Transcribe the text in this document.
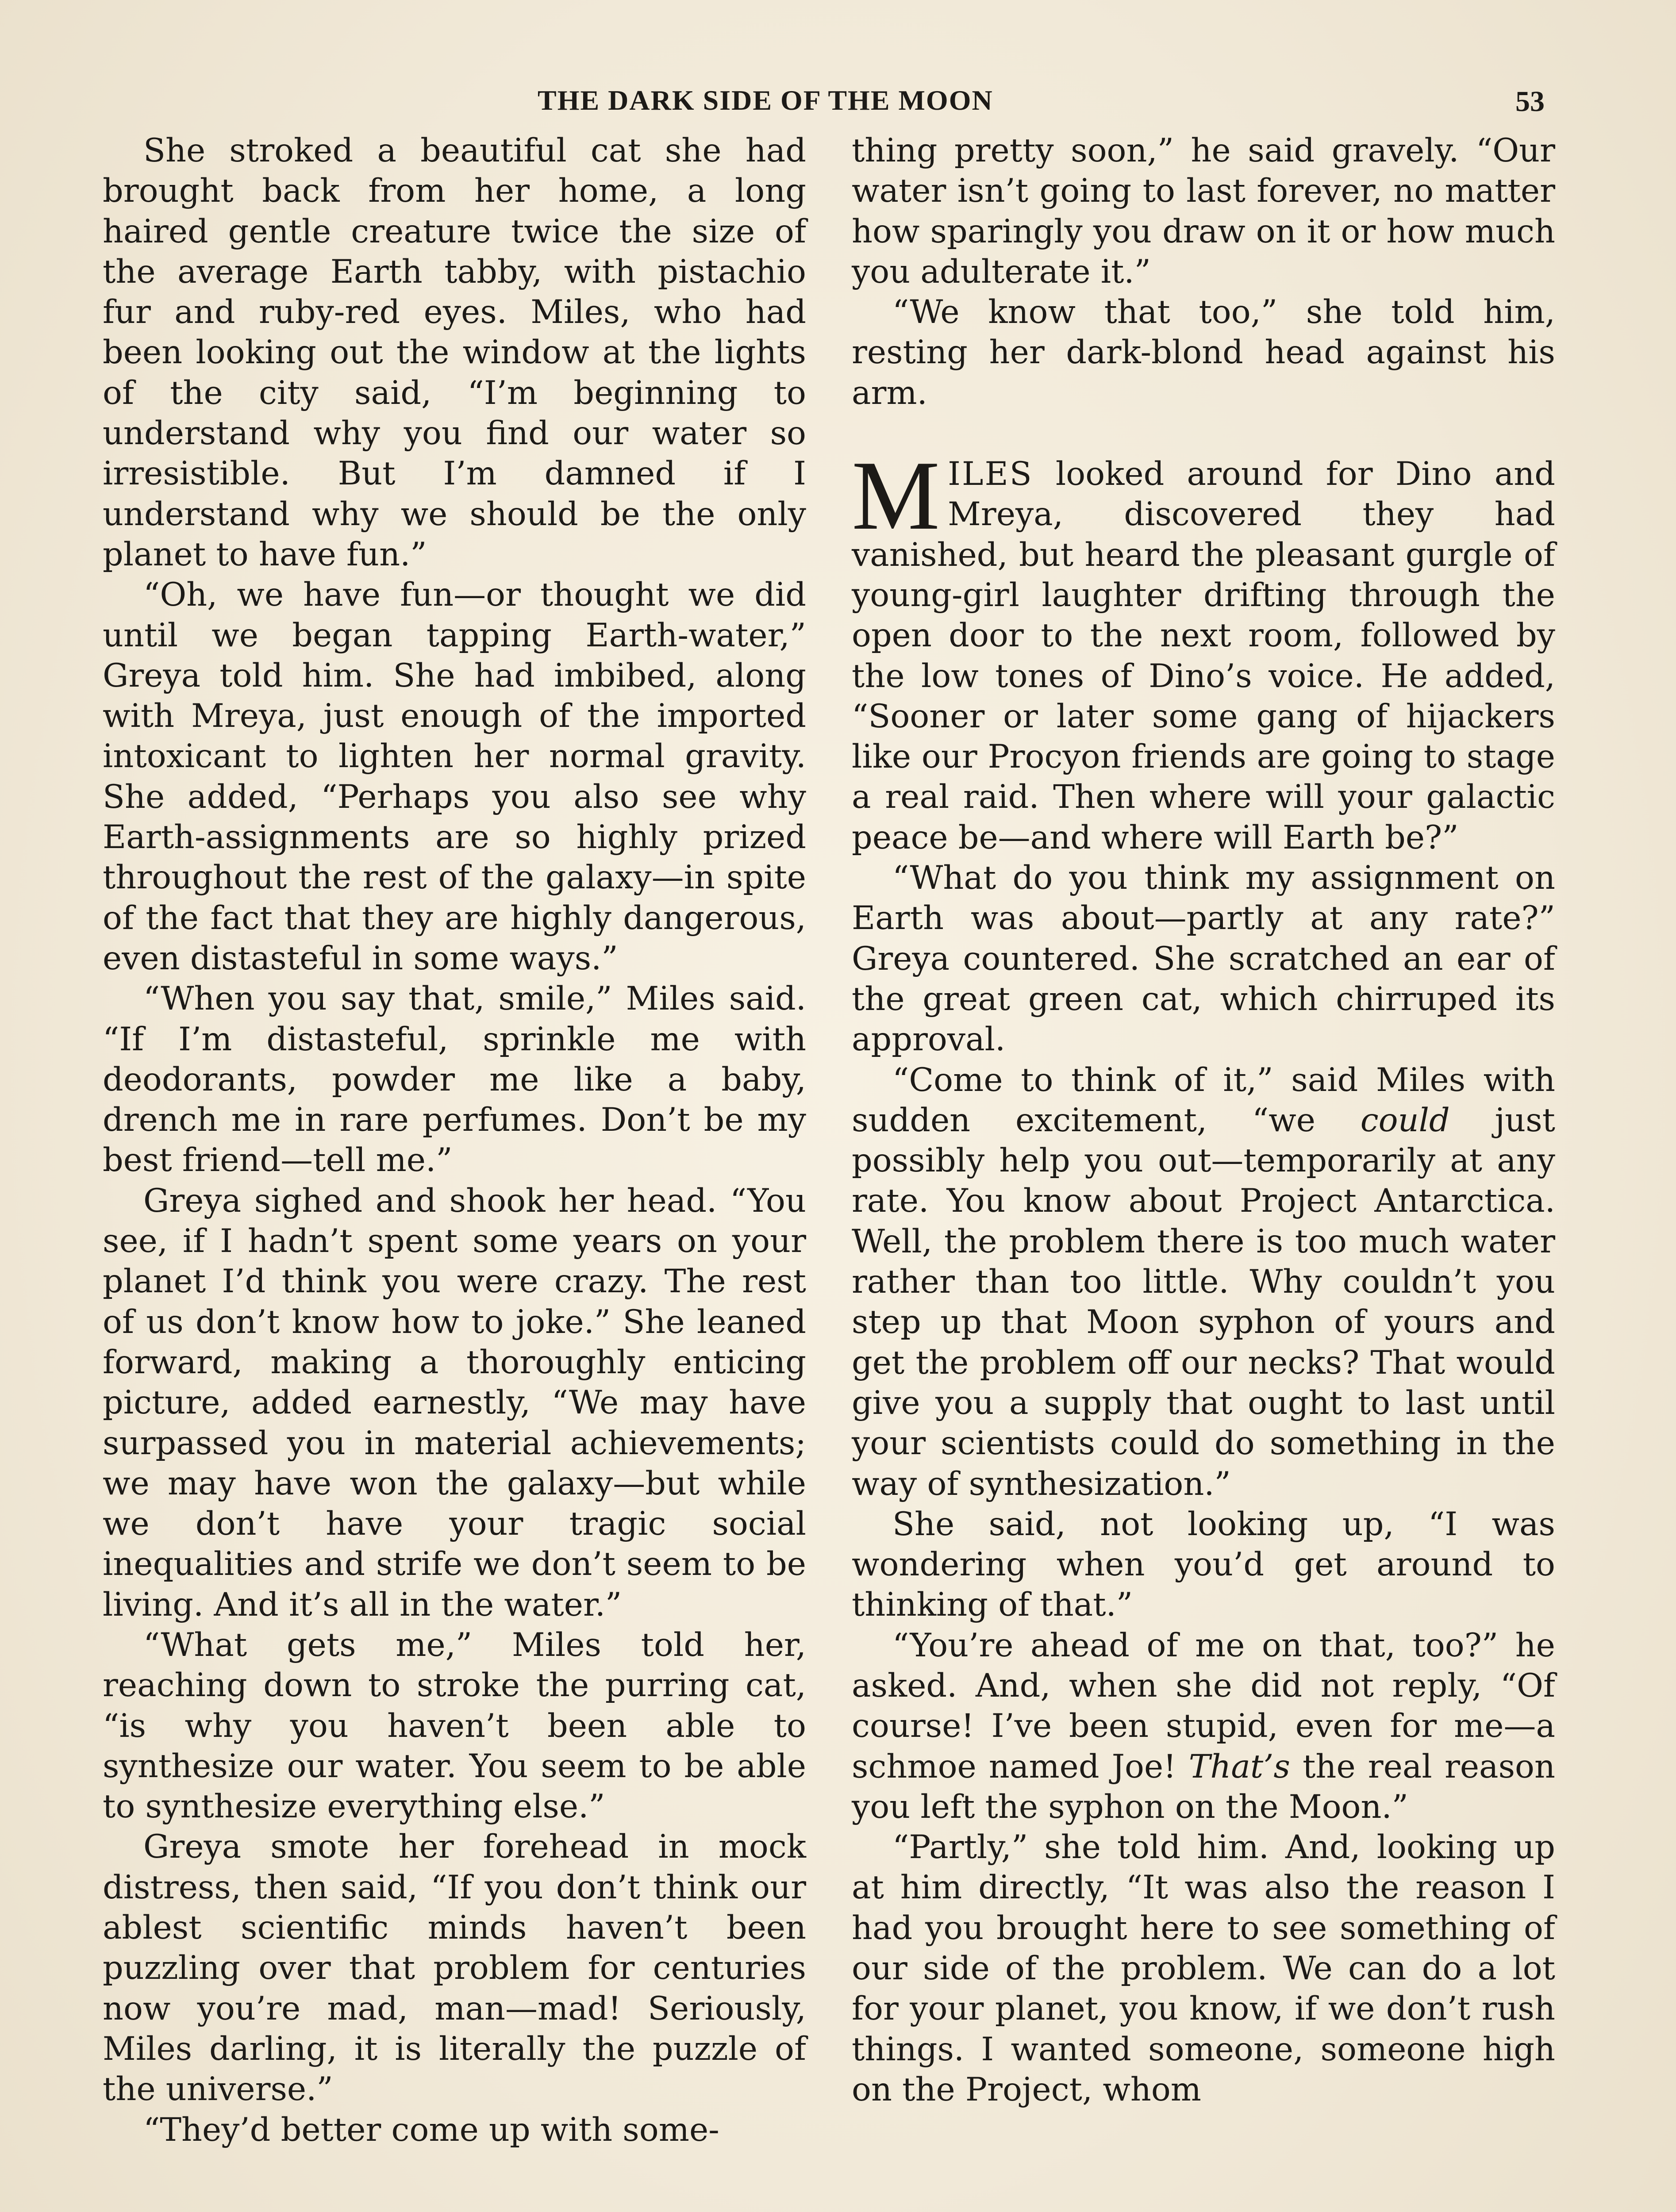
THE DARK SIDE OF THE MOON	53

She stroked a beautiful cat she had brought back from her home, a long haired gentle creature twice the size of the average Earth tabby, with pistachio fur and ruby-red eyes. Miles, who had been looking out the window at the lights of the city said, “I’m beginning to understand why you find our water so irresistible. But I’m damned if I understand why we should be the only planet to have fun.”

“Oh, we have fun—or thought we did until we began tapping Earth-water,” Greya told him. She had imbibed, along with Mreya, just enough of the imported intoxicant to lighten her normal gravity. She added, “Perhaps you also see why Earth-assignments are so highly prized throughout the rest of the galaxy—in spite of the fact that they are highly dangerous, even distasteful in some ways.”

“When you say that, smile,” Miles said. “If I’m distasteful, sprinkle me with deodorants, powder me like a baby, drench me in rare perfumes. Don’t be my best friend—tell me.”

Greya sighed and shook her head. “You see, if I hadn’t spent some years on your planet I’d think you were crazy. The rest of us don’t know how to joke.” She leaned forward, making a thoroughly enticing picture, added earnestly, “We may have surpassed you in material achievements; we may have won the galaxy—but while we don’t have your tragic social inequalities and strife we don’t seem to be living. And it’s all in the water.”

“What gets me,” Miles told her, reaching down to stroke the purring cat, “is why you haven’t been able to synthesize our water. You seem to be able to synthesize everything else.”

Greya smote her forehead in mock distress, then said, “If you don’t think our ablest scientific minds haven’t been puzzling over that problem for centuries now you’re mad, man—mad! Seriously, Miles darling, it is literally the puzzle of the universe.”

“They’d better come up with some-

thing pretty soon,” he said gravely. “Our water isn’t going to last forever, no matter how sparingly you draw on it or how much you adulterate it.”

“We know that too,” she told him, resting her dark-blond head against his arm.

MILES looked around for Dino and Mreya, discovered they had vanished, but heard the pleasant gurgle of young-girl laughter drifting through the open door to the next room, followed by the low tones of Dino’s voice. He added, “Sooner or later some gang of hijackers like our Procyon friends are going to stage a real raid. Then where will your galactic peace be—and where will Earth be?”

“What do you think my assignment on Earth was about—partly at any rate?” Greya countered. She scratched an ear of the great green cat, which chirruped its approval.

“Come to think of it,” said Miles with sudden excitement, “we could just possibly help you out—temporarily at any rate. You know about Project Antarctica. Well, the problem there is too much water rather than too little. Why couldn’t you step up that Moon syphon of yours and get the problem off our necks? That would give you a supply that ought to last until your scientists could do something in the way of synthesization.”

She said, not looking up, “I was wondering when you’d get around to thinking of that.”

“You’re ahead of me on that, too?” he asked. And, when she did not reply, “Of course! I’ve been stupid, even for me—a schmoe named Joe! That’s the real reason you left the syphon on the Moon.”

“Partly,” she told him. And, looking up at him directly, “It was also the reason I had you brought here to see something of our side of the problem. We can do a lot for your planet, you know, if we don’t rush things. I wanted someone, someone high on the Project, whom
